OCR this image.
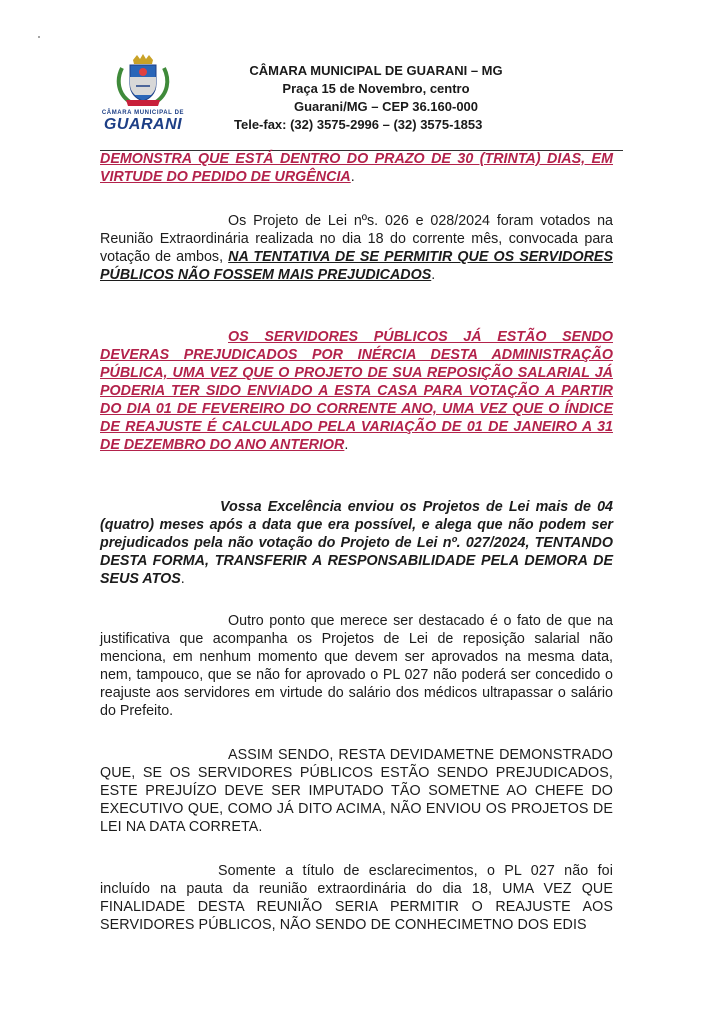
CÂMARA MUNICIPAL DE
GUARANI
CÂMARA MUNICIPAL DE GUARANI – MG
Praça 15 de Novembro, centro
Guarani/MG – CEP 36.160-000
Tele-fax: (32) 3575-2996 – (32) 3575-1853
DEMONSTRA QUE ESTÁ DENTRO DO PRAZO DE 30 (TRINTA) DIAS, EM VIRTUDE DO PEDIDO DE URGÊNCIA.
Os Projeto de Lei nºs. 026 e 028/2024 foram votados na Reunião Extraordinária realizada no dia 18 do corrente mês, convocada para votação de ambos, NA TENTATIVA DE SE PERMITIR QUE OS SERVIDORES PÚBLICOS NÃO FOSSEM MAIS PREJUDICADOS.
OS SERVIDORES PÚBLICOS JÁ ESTÃO SENDO DEVERAS PREJUDICADOS POR INÉRCIA DESTA ADMINISTRAÇÃO PÚBLICA, UMA VEZ QUE O PROJETO DE SUA REPOSIÇÃO SALARIAL JÁ PODERIA TER SIDO ENVIADO A ESTA CASA PARA VOTAÇÃO A PARTIR DO DIA 01 DE FEVEREIRO DO CORRENTE ANO, UMA VEZ QUE O ÍNDICE DE REAJUSTE É CALCULADO PELA VARIAÇÃO DE 01 DE JANEIRO A 31 DE DEZEMBRO DO ANO ANTERIOR.
Vossa Excelência enviou os Projetos de Lei mais de 04 (quatro) meses após a data que era possível, e alega que não podem ser prejudicados pela não votação do Projeto de Lei nº. 027/2024, TENTANDO DESTA FORMA, TRANSFERIR A RESPONSABILIDADE PELA DEMORA DE SEUS ATOS.
Outro ponto que merece ser destacado é o fato de que na justificativa que acompanha os Projetos de Lei de reposição salarial não menciona, em nenhum momento que devem ser aprovados na mesma data, nem, tampouco, que se não for aprovado o PL 027 não poderá ser concedido o reajuste aos servidores em virtude do salário dos médicos ultrapassar o salário do Prefeito.
ASSIM SENDO, RESTA DEVIDAMETNE DEMONSTRADO QUE, SE OS SERVIDORES PÚBLICOS ESTÃO SENDO PREJUDICADOS, ESTE PREJUÍZO DEVE SER IMPUTADO TÃO SOMETNE AO CHEFE DO EXECUTIVO QUE, COMO JÁ DITO ACIMA, NÃO ENVIOU OS PROJETOS DE LEI NA DATA CORRETA.
Somente a título de esclarecimentos, o PL 027 não foi incluído na pauta da reunião extraordinária do dia 18, UMA VEZ QUE FINALIDADE DESTA REUNIÃO SERIA PERMITIR O REAJUSTE AOS SERVIDORES PÚBLICOS, NÃO SENDO DE CONHECIMETNO DOS EDIS
